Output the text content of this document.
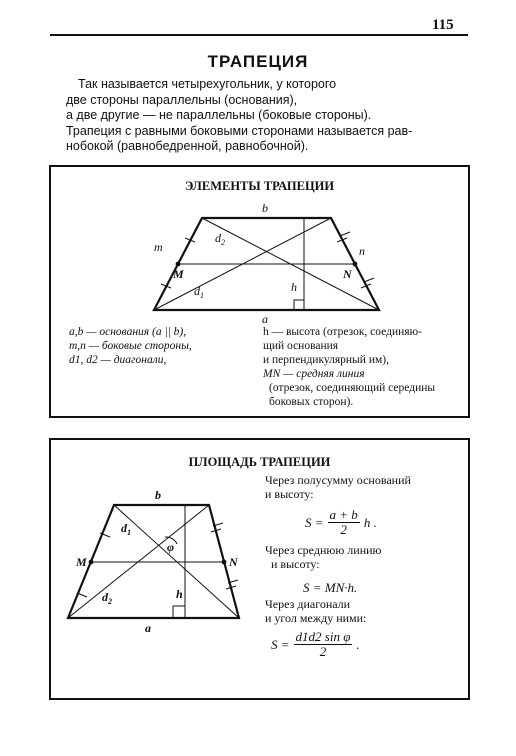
115
ТРАПЕЦИЯ
Так называется четырехугольник, у которого
две стороны параллельны (основания),
а две другие — не параллельны (боковые стороны).
Трапеция с равными боковыми сторонами называется рав-
нобокой (равнобедренной, равнобочной).
ЭЛЕМЕНТЫ ТРАПЕЦИИ
b
a
m	n
M	N
h
$d_2$
$d_1$
a,b — основания (a || b),
m,n — боковые стороны,
d1, d2 — диагонали,
h — высота (отрезок, соединяю-
щий основания
и перпендикулярный им),
MN — средняя линия
(отрезок, соединяющий середины
боковых сторон).
ПЛОЩАДЬ ТРАПЕЦИИ
b
a
M	N
h
φ
$d_1$
$d_2$
Через полусумму оснований
и высоту:
$S = \frac{a + b}{2}$ h .
Через среднюю линию
и высоту:
S = MN·h.
Через диагонали
и угол между ними:
$S = \frac{\text{d1d2 sin φ}}{2}$ .
